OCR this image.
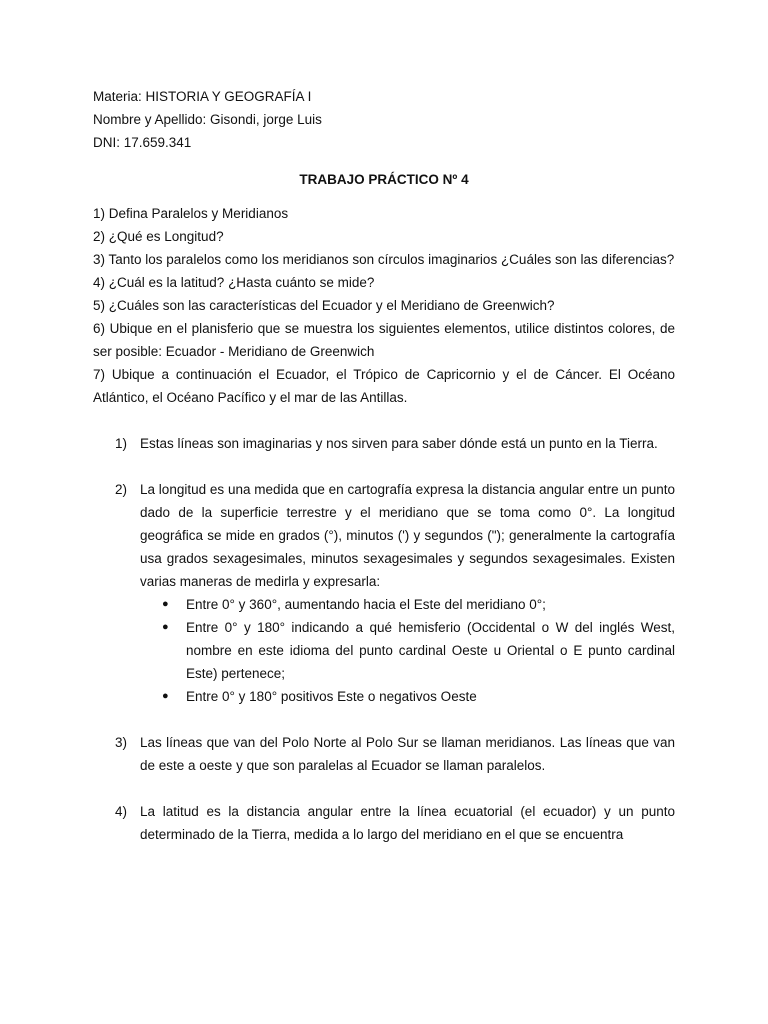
Materia: HISTORIA Y GEOGRAFÍA I

Nombre y Apellido: Gisondi, jorge Luis

DNI: 17.659.341

TRABAJO PRÁCTICO Nº 4

1) Defina Paralelos y Meridianos

2) ¿Qué es Longitud?

3) Tanto los paralelos como los meridianos son círculos imaginarios ¿Cuáles son las diferencias?

4) ¿Cuál es la latitud? ¿Hasta cuánto se mide?

5) ¿Cuáles son las características del Ecuador y el Meridiano de Greenwich?

6) Ubique en el planisferio que se muestra los siguientes elementos, utilice distintos colores, de ser posible: Ecuador - Meridiano de Greenwich

7) Ubique a continuación el Ecuador, el Trópico de Capricornio y el de Cáncer. El Océano Atlántico, el Océano Pacífico y el mar de las Antillas.

1) Estas líneas son imaginarias y nos sirven para saber dónde está un punto en la Tierra.
2) La longitud es una medida que en cartografía expresa la distancia angular entre un punto dado de la superficie terrestre y el meridiano que se toma como 0°. La longitud geográfica se mide en grados (°), minutos (') y segundos ("); generalmente la cartografía usa grados sexagesimales, minutos sexagesimales y segundos sexagesimales. Existen varias maneras de medirla y expresarla:
● Entre 0° y 360°, aumentando hacia el Este del meridiano 0°;
● Entre 0° y 180° indicando a qué hemisferio (Occidental o W del inglés West, nombre en este idioma del punto cardinal Oeste u Oriental o E punto cardinal Este) pertenece;
● Entre 0° y 180° positivos Este o negativos Oeste
3) Las líneas que van del Polo Norte al Polo Sur se llaman meridianos. Las líneas que van de este a oeste y que son paralelas al Ecuador se llaman paralelos.
4) La latitud es la distancia angular entre la línea ecuatorial (el ecuador) y un punto determinado de la Tierra, medida a lo largo del meridiano en el que se encuentra
